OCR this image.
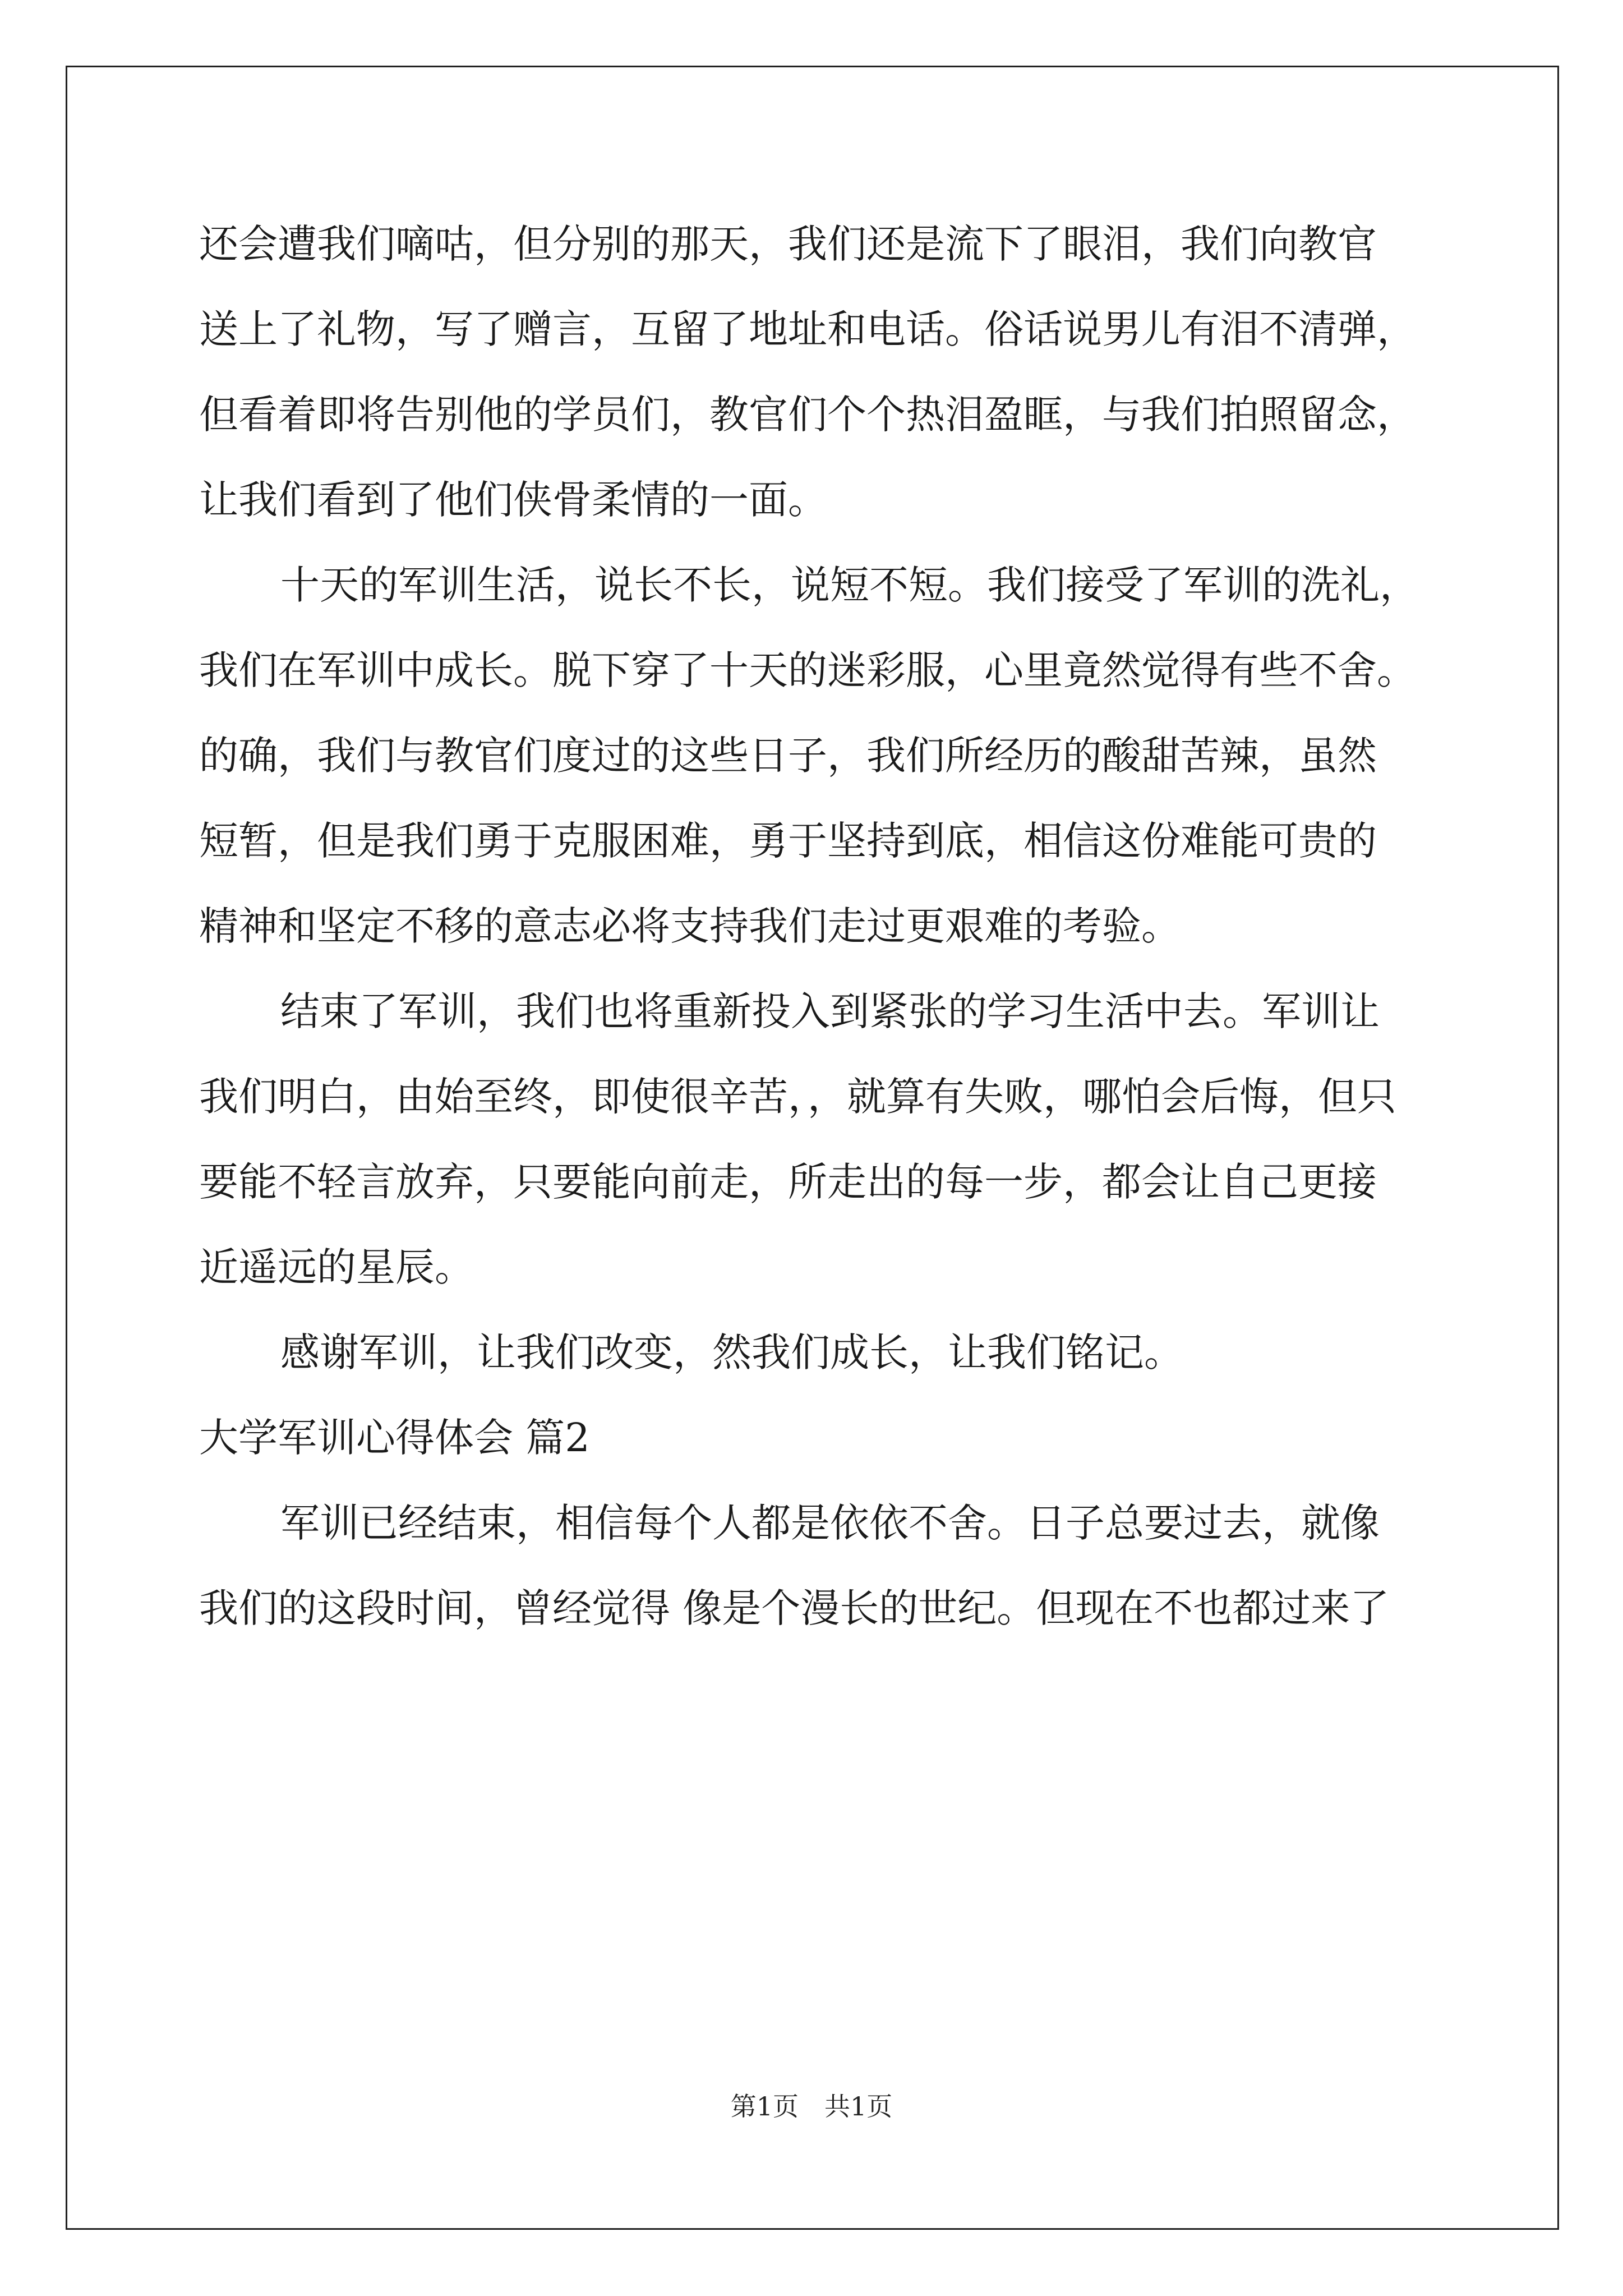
还会遭我们嘀咕，但分别的那天，我们还是流下了眼泪，我们向教官
送上了礼物，写了赠言，互留了地址和电话。俗话说男儿有泪不清弹，
但看着即将告别他的学员们，教官们个个热泪盈眶，与我们拍照留念，
让我们看到了他们侠骨柔情的一面。
十天的军训生活，说长不长，说短不短。我们接受了军训的洗礼，
我们在军训中成长。脱下穿了十天的迷彩服，心里竟然觉得有些不舍。
的确，我们与教官们度过的这些日子，我们所经历的酸甜苦辣，虽然
短暂，但是我们勇于克服困难，勇于坚持到底，相信这份难能可贵的
精神和坚定不移的意志必将支持我们走过更艰难的考验。
结束了军训，我们也将重新投入到紧张的学习生活中去。军训让
我们明白，由始至终，即使很辛苦，，就算有失败，哪怕会后悔，但只
要能不轻言放弃，只要能向前走，所走出的每一步，都会让自己更接
近遥远的星辰。
感谢军训，让我们改变，然我们成长，让我们铭记。
大学军训心得体会 篇2
军训已经结束，相信每个人都是依依不舍。日子总要过去，就像
我们的这段时间，曾经觉得 像是个漫长的世纪。但现在不也都过来了
第1页　共1页
